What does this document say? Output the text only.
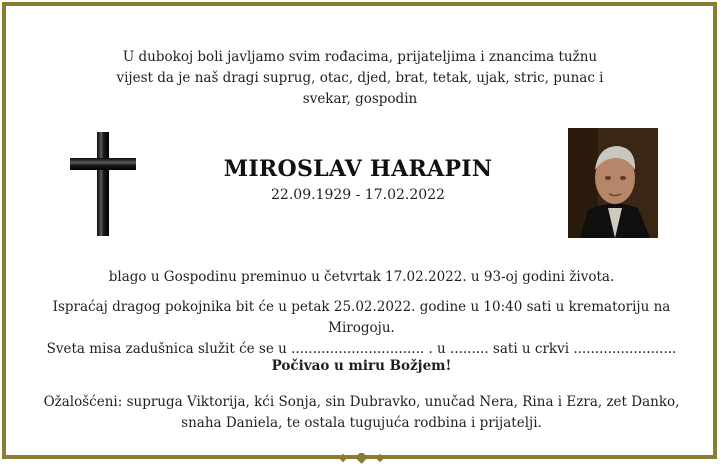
U dubokoj boli javljamo svim rođacima, prijateljima i znancima tužnu vijest da je naš dragi suprug, otac, djed, brat, tetak, ujak, stric, punac i svekar, gospodin
MIROSLAV HARAPIN
22.09.1929 - 17.02.2022
blago u Gospodinu preminuo u četvrtak 17.02.2022. u 93-oj godini života.
Ispraćaj dragog pokojnika bit će u petak 25.02.2022. godine u 10:40 sati u krematoriju na Mirogoju.
Sveta misa zadušnica služit će se u ............................... . u ......... sati u crkvi ........................
Počivao u miru Božjem!
Ožalošćeni: supruga Viktorija, kći Sonja, sin Dubravko, unučad Nera, Rina i Ezra, zet Danko, snaha Daniela, te ostala tugujuća rodbina i prijatelji.
